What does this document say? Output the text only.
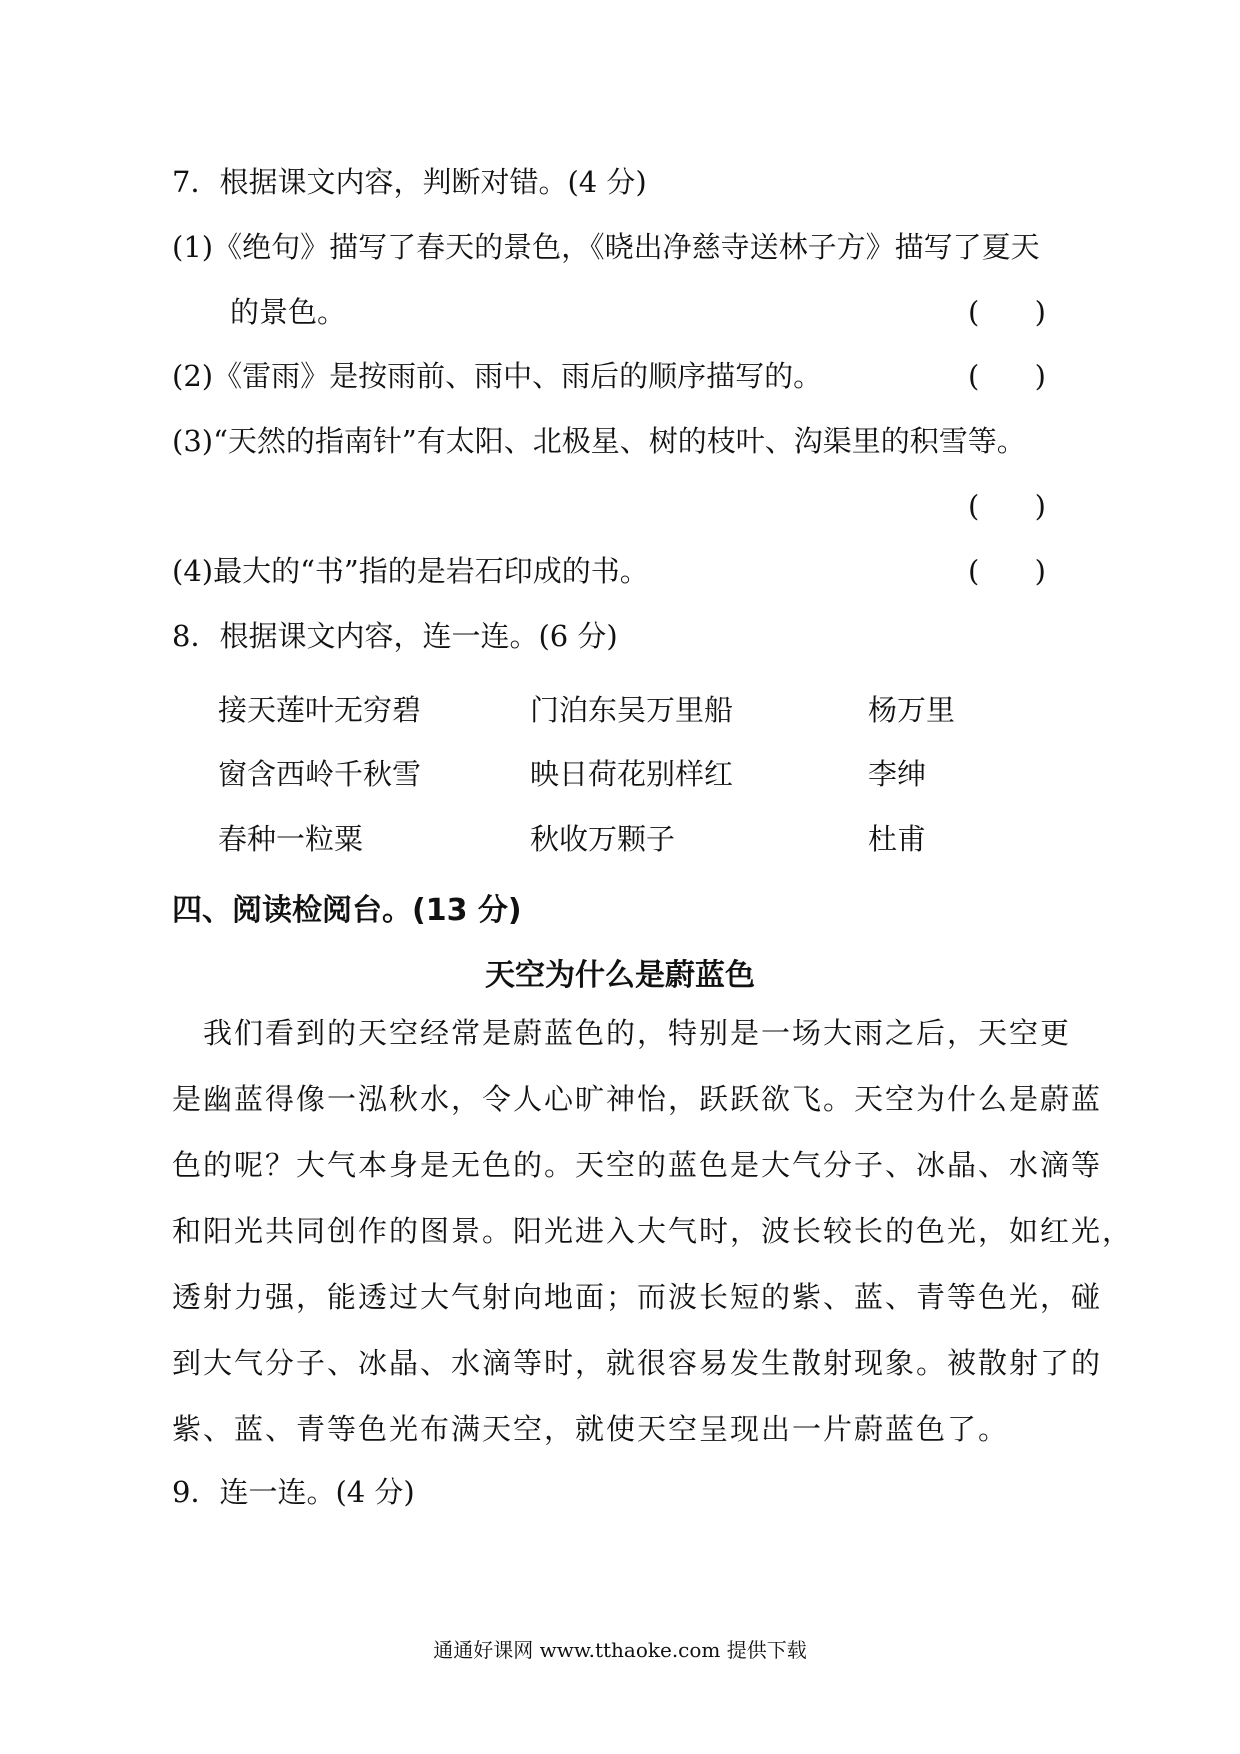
7．根据课文内容，判断对错。(4 分)
(1)《绝句》描写了春天的景色，《晓出净慈寺送林子方》描写了夏天
的景色。	(      )
(2)《雷雨》是按雨前、雨中、雨后的顺序描写的。	(      )
(3)“天然的指南针”有太阳、北极星、树的枝叶、沟渠里的积雪等。
(      )
(4)最大的“书”指的是岩石印成的书。	(      )
8．根据课文内容，连一连。(6 分)
接天莲叶无穷碧	门泊东吴万里船	杨万里
窗含西岭千秋雪	映日荷花别样红	李绅
春种一粒粟	秋收万颗子	杜甫
四、阅读检阅台。(13 分)
天空为什么是蔚蓝色
　我们看到的天空经常是蔚蓝色的，特别是一场大雨之后，天空更
是幽蓝得像一泓秋水，令人心旷神怡，跃跃欲飞。天空为什么是蔚蓝
色的呢？大气本身是无色的。天空的蓝色是大气分子、冰晶、水滴等
和阳光共同创作的图景。阳光进入大气时，波长较长的色光，如红光，
透射力强，能透过大气射向地面；而波长短的紫、蓝、青等色光，碰
到大气分子、冰晶、水滴等时，就很容易发生散射现象。被散射了的
紫、蓝、青等色光布满天空，就使天空呈现出一片蔚蓝色了。
9．连一连。(4 分)
通通好课网 www.tthaoke.com 提供下载
